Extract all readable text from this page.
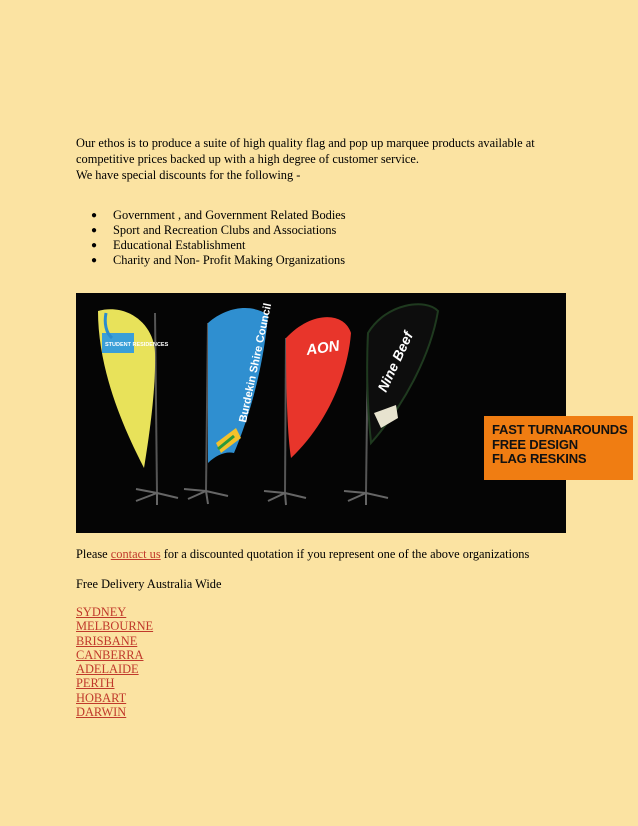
Our ethos is to produce a suite of high quality flag and pop up marquee products available at

competitive prices backed up with a high degree of customer service.

We have special discounts for the following -

● Government , and Government Related Bodies
● Sport and Recreation Clubs and Associations
● Educational Establishment
● Charity and Non- Profit Making Organizations
STUDENT RESIDENCES	Burdekin Shire Council AON Nine Beef
FAST TURNAROUNDS
FREE DESIGN
FLAG RESKINS
Please contact us for a discounted quotation if you represent one of the above organizations
Free Delivery Australia Wide
SYDNEY
MELBOURNE
BRISBANE
CANBERRA
ADELAIDE
PERTH
HOBART
DARWIN
